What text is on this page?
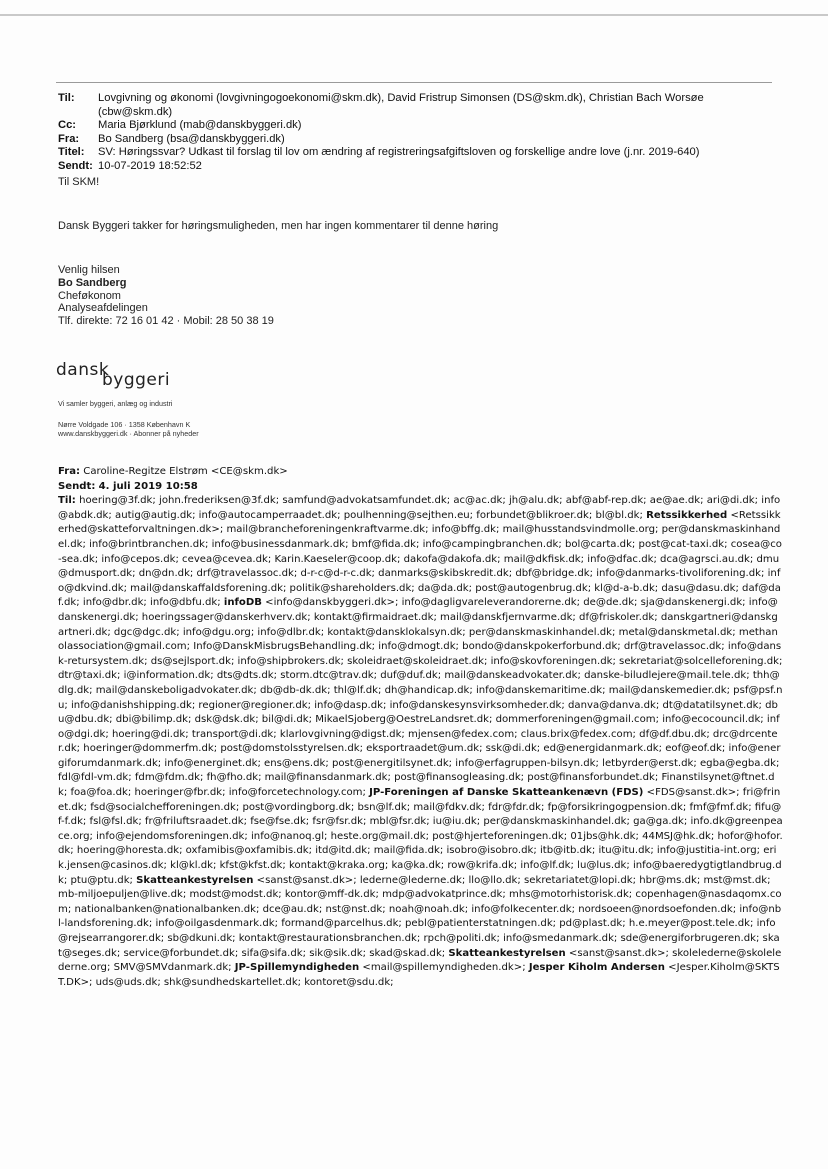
Til:	Lovgivning og økonomi (lovgivningogoekonomi@skm.dk), David Fristrup Simonsen (DS@skm.dk), Christian Bach Worsøe (cbw@skm.dk)
Cc:	Maria Bjørklund (mab@danskbyggeri.dk)
Fra:	Bo Sandberg (bsa@danskbyggeri.dk)
Titel:	SV: Høringssvar? Udkast til forslag til lov om ændring af registreringsafgiftsloven og forskellige andre love (j.nr. 2019-640)
Sendt: 10-07-2019 18:52:52
Til SKM!
Dansk Byggeri takker for høringsmuligheden, men har ingen kommentarer til denne høring
Venlig hilsen
Bo Sandberg
Cheføkonom
Analyseafdelingen
Tlf. direkte: 72 16 01 42 · Mobil: 28 50 38 19
dansk
byggeri
Vi samler byggeri, anlæg og industri
Nørre Voldgade 106 · 1358 København K
www.danskbyggeri.dk · Abonner på nyheder
Fra: Caroline-Regitze Elstrøm <CE@skm.dk>
Sendt: 4. juli 2019 10:58
Til: hoering@3f.dk; john.frederiksen@3f.dk; samfund@advokatsamfundet.dk; ac@ac.dk; jh@alu.dk; abf@abf-rep.dk; ae@ae.dk; ari@di.dk; info@abdk.dk; autig@autig.dk; info@autocamperraadet.dk; poulhenning@sejthen.eu; forbundet@blikroer.dk; bl@bl.dk; Retssikkerhed <Retssikkerhed@skatteforvaltningen.dk>; mail@brancheforeningenkraftvarme.dk; info@bffg.dk; mail@husstandsvindmolle.org; per@danskmaskinhandel.dk; info@brintbranchen.dk; info@businessdanmark.dk; bmf@fida.dk; info@campingbranchen.dk; bol@carta.dk; post@cat-taxi.dk; cosea@co-sea.dk; info@cepos.dk; cevea@cevea.dk; Karin.Kaeseler@coop.dk; dakofa@dakofa.dk; mail@dkfisk.dk; info@dfac.dk; dca@agrsci.au.dk; dmu@dmusport.dk; dn@dn.dk; drf@travelassoc.dk; d-r-c@d-r-c.dk; danmarks@skibskredit.dk; dbf@bridge.dk; info@danmarks-tivoliforening.dk; info@dkvind.dk; mail@danskaffaldsforening.dk; politik@shareholders.dk; da@da.dk; post@autogenbrug.dk; kl@d-a-b.dk; dasu@dasu.dk; daf@daf.dk; info@dbr.dk; info@dbfu.dk; infoDB <info@danskbyggeri.dk>; info@dagligvareleverandorerne.dk; de@de.dk; sja@danskenergi.dk; info@danskenergi.dk; hoeringssager@danskerhverv.dk; kontakt@firmaidraet.dk; mail@danskfjernvarme.dk; df@friskoler.dk; danskgartneri@danskgartneri.dk; dgc@dgc.dk; info@dgu.org; info@dlbr.dk; kontakt@dansklokalsyn.dk; per@danskmaskinhandel.dk; metal@danskmetal.dk; methanolassociation@gmail.com; Info@DanskMisbrugsBehandling.dk; info@dmogt.dk; bondo@danskpokerforbund.dk; drf@travelassoc.dk; info@dansk-retursystem.dk; ds@sejlsport.dk; info@shipbrokers.dk; skoleidraet@skoleidraet.dk; info@skovforeningen.dk; sekretariat@solcelleforening.dk; dtr@taxi.dk; i@information.dk; dts@dts.dk; storm.dtc@trav.dk; duf@duf.dk; mail@danskeadvokater.dk; danske-biludlejere@mail.tele.dk; thh@dlg.dk; mail@danskeboligadvokater.dk; db@db-dk.dk; thl@lf.dk; dh@handicap.dk; info@danskemaritime.dk; mail@danskemedier.dk; psf@psf.nu; info@danishshipping.dk; regioner@regioner.dk; info@dasp.dk; info@danskesynsvirksomheder.dk; danva@danva.dk; dt@datatilsynet.dk; dbu@dbu.dk; dbi@bilimp.dk; dsk@dsk.dk; bil@di.dk; MikaelSjoberg@OestreLandsret.dk; dommerforeningen@gmail.com; info@ecocouncil.dk; info@dgi.dk; hoering@di.dk; transport@di.dk; klarlovgivning@digst.dk; mjensen@fedex.com; claus.brix@fedex.com; df@df.dbu.dk; drc@drcenter.dk; hoeringer@dommerfm.dk; post@domstolsstyrelsen.dk; eksportraadet@um.dk; ssk@di.dk; ed@energidanmark.dk; eof@eof.dk; info@energiforumdanmark.dk; info@energinet.dk; ens@ens.dk; post@energitilsynet.dk; info@erfagruppen-bilsyn.dk; letbyrder@erst.dk; egba@egba.dk; fdl@fdl-vm.dk; fdm@fdm.dk; fh@fho.dk; mail@finansdanmark.dk; post@finansogleasing.dk; post@finansforbundet.dk; Finanstilsynet@ftnet.dk; foa@foa.dk; hoeringer@fbr.dk; info@forcetechnology.com; JP-Foreningen af Danske Skatteankenævn (FDS) <FDS@sanst.dk>; fri@frinet.dk; fsd@socialchefforeningen.dk; post@vordingborg.dk; bsn@lf.dk; mail@fdkv.dk; fdr@fdr.dk; fp@forsikringogpension.dk; fmf@fmf.dk; fifu@f-f.dk; fsl@fsl.dk; fr@friluftsraadet.dk; fse@fse.dk; fsr@fsr.dk; mbl@fsr.dk; iu@iu.dk; per@danskmaskinhandel.dk; ga@ga.dk; info.dk@greenpeace.org; info@ejendomsforeningen.dk; info@nanoq.gl; heste.org@mail.dk; post@hjerteforeningen.dk; 01jbs@hk.dk; 44MSJ@hk.dk; hofor@hofor.dk; hoering@horesta.dk; oxfamibis@oxfamibis.dk; itd@itd.dk; mail@fida.dk; isobro@isobro.dk; itb@itb.dk; itu@itu.dk; info@justitia-int.org; erik.jensen@casinos.dk; kl@kl.dk; kfst@kfst.dk; kontakt@kraka.org; ka@ka.dk; row@krifa.dk; info@lf.dk; lu@lus.dk; info@baeredygtigtlandbrug.dk; ptu@ptu.dk; Skatteankestyrelsen <sanst@sanst.dk>; lederne@lederne.dk; llo@llo.dk; sekretariatet@lopi.dk; hbr@ms.dk; mst@mst.dk; mb-miljoepuljen@live.dk; modst@modst.dk; kontor@mff-dk.dk; mdp@advokatprince.dk; mhs@motorhistorisk.dk; copenhagen@nasdaqomx.com; nationalbanken@nationalbanken.dk; dce@au.dk; nst@nst.dk; noah@noah.dk; info@folkecenter.dk; nordsoeen@nordsoefonden.dk; info@nbl-landsforening.dk; info@oilgasdenmark.dk; formand@parcelhus.dk; pebl@patienterstatningen.dk; pd@plast.dk; h.e.meyer@post.tele.dk; info@rejsearrangorer.dk; sb@dkuni.dk; kontakt@restaurationsbranchen.dk; rpch@politi.dk; info@smedanmark.dk; sde@energiforbrugeren.dk; skat@seges.dk; service@forbundet.dk; sifa@sifa.dk; sik@sik.dk; skad@skad.dk; Skatteankestyrelsen <sanst@sanst.dk>; skolelederne@skolelederne.org; SMV@SMVdanmark.dk; JP-Spillemyndigheden <mail@spillemyndigheden.dk>; Jesper Kiholm Andersen <Jesper.Kiholm@SKTST.DK>; uds@uds.dk; shk@sundhedskartellet.dk; kontoret@sdu.dk;
